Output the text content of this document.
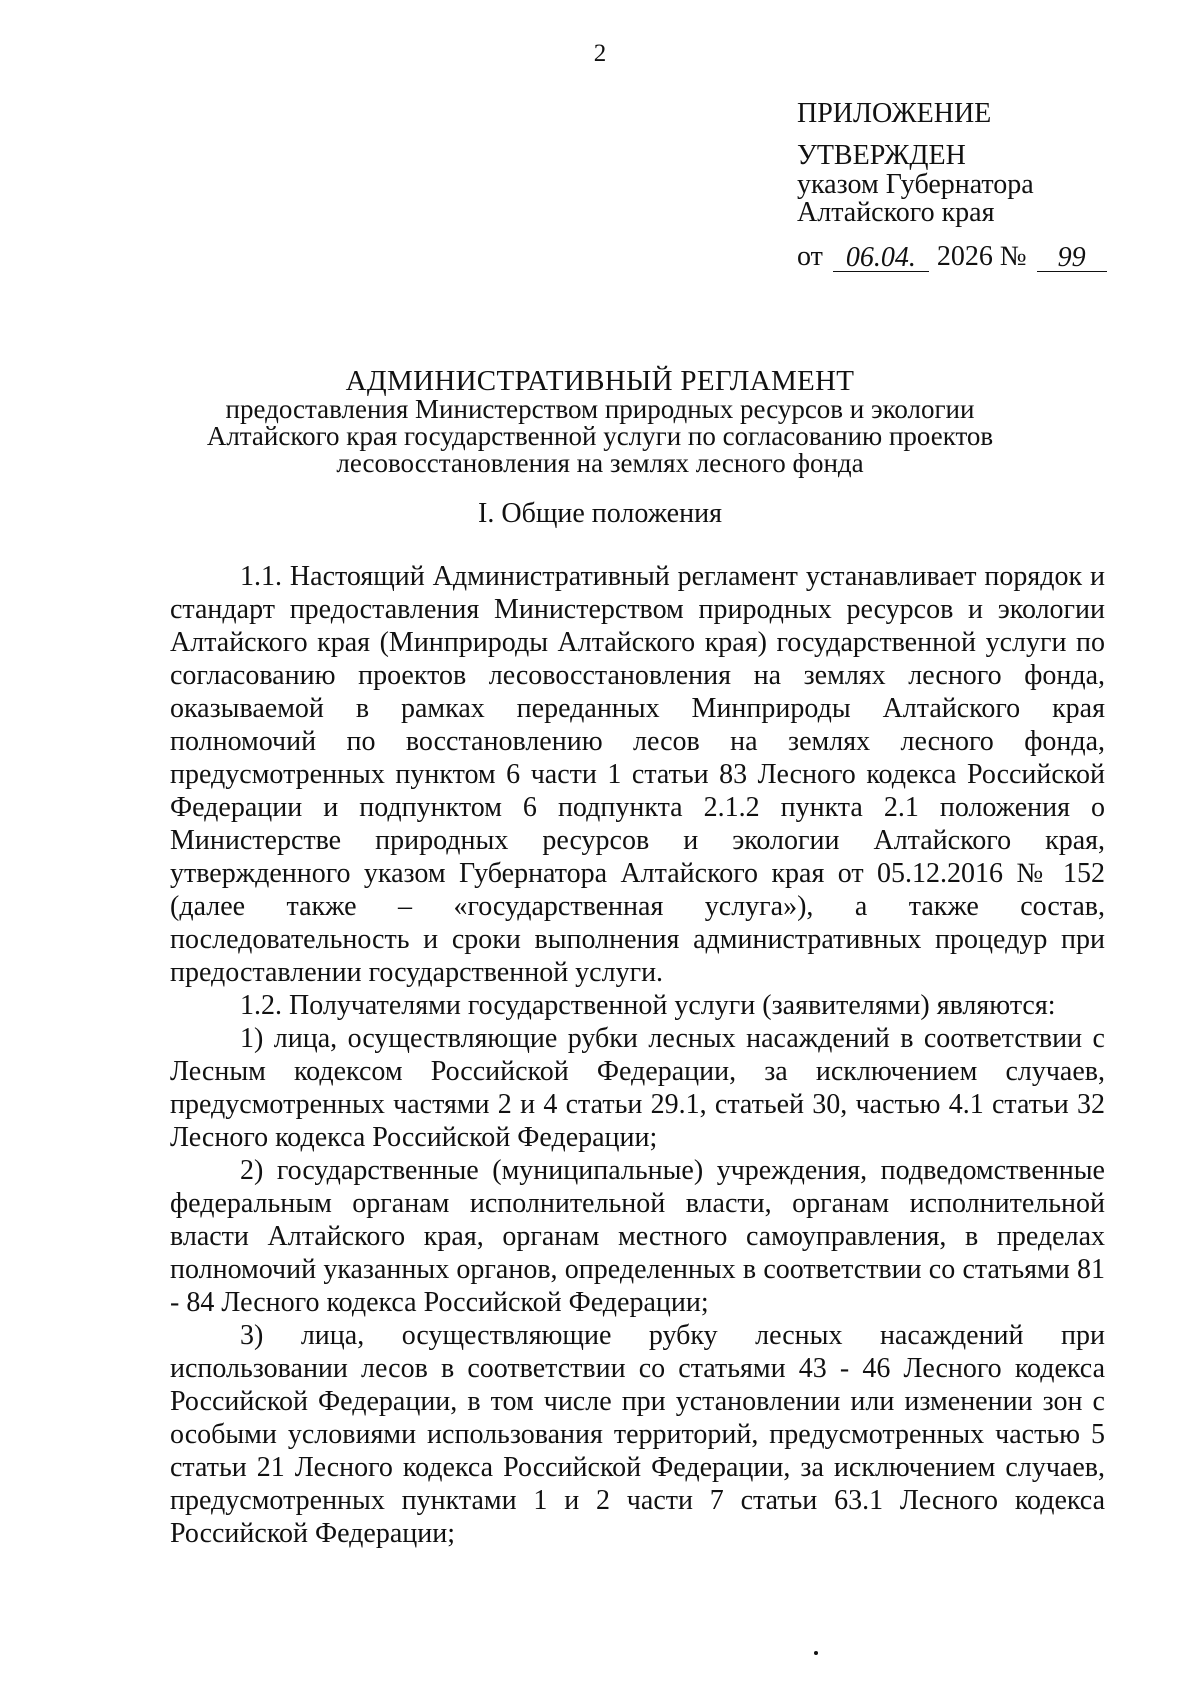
2
ПРИЛОЖЕНИЕ
УТВЕРЖДЕН
указом Губернатора
Алтайского края
от 06.04. 2026 №	99
АДМИНИСТРАТИВНЫЙ РЕГЛАМЕНТ
предоставления Министерством природных ресурсов и экологии
Алтайского края государственной услуги по согласованию проектов
лесовосстановления на землях лесного фонда
I. Общие положения

1.1. Настоящий Административный регламент устанавливает порядок и стандарт предоставления Министерством природных ресурсов и экологии Алтайского края (Минприроды Алтайского края) государственной услуги по согласованию проектов лесовосстановления на землях лесного фонда, оказываемой в рамках переданных Минприроды Алтайского края полномочий по восстановлению лесов на землях лесного фонда, предусмотренных пунктом 6 части 1 статьи 83 Лесного кодекса Российской Федерации и подпунктом 6 подпункта 2.1.2 пункта 2.1 положения о Министерстве природных ресурсов и экологии Алтайского края, утвержденного указом Губернатора Алтайского края от 05.12.2016 № 152 (далее также – «государственная услуга»), а также состав, последовательность и сроки выполнения административных процедур при предоставлении государственной услуги.

1.2. Получателями государственной услуги (заявителями) являются:

1) лица, осуществляющие рубки лесных насаждений в соответствии с Лесным кодексом Российской Федерации, за исключением случаев, предусмотренных частями 2 и 4 статьи 29.1, статьей 30, частью 4.1 статьи 32 Лесного кодекса Российской Федерации;

2) государственные (муниципальные) учреждения, подведомственные федеральным органам исполнительной власти, органам исполнительной власти Алтайского края, органам местного самоуправления, в пределах полномочий указанных органов, определенных в соответствии со статьями 81 - 84 Лесного кодекса Российской Федерации;

3) лица, осуществляющие рубку лесных насаждений при использовании лесов в соответствии со статьями 43 - 46 Лесного кодекса Российской Федерации, в том числе при установлении или изменении зон с особыми условиями использования территорий, предусмотренных частью 5 статьи 21 Лесного кодекса Российской Федерации, за исключением случаев, предусмотренных пунктами 1 и 2 части 7 статьи 63.1 Лесного кодекса Российской Федерации;
